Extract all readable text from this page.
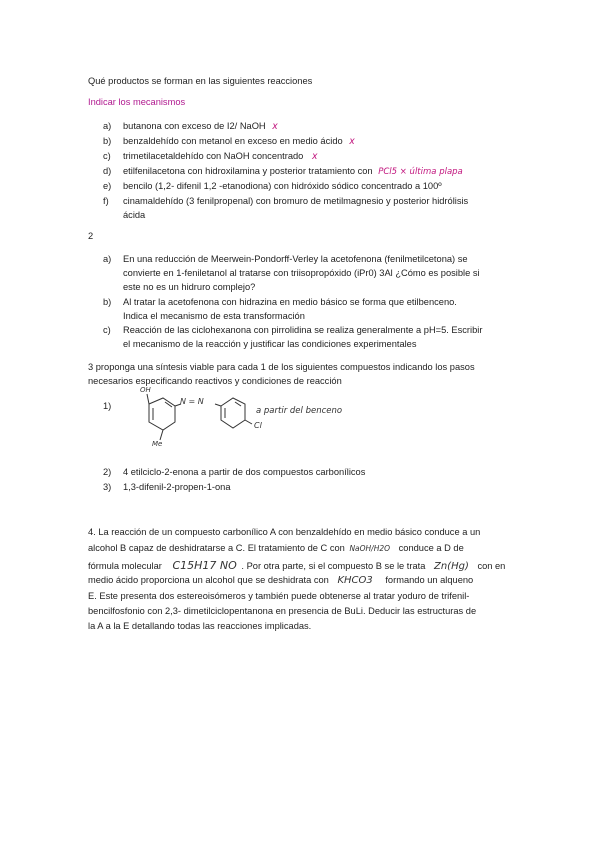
Qué productos se forman en las siguientes reacciones
Indicar los mecanismos
a)	butanona con exceso de I2/ NaOH x
b)	benzaldehído con metanol en exceso en medio ácido x
c)	trimetilacetaldehído con NaOH concentrado x
d)	etilfenilacetona con hidroxilamina y posterior tratamiento con PCl5 × última plapa
e)	bencilo (1,2- difenil 1,2 -etanodiona) con hidróxido sódico concentrado a 100º
f)	cinamaldehído (3 fenilpropenal) con bromuro de metilmagnesio y posterior hidrólisis
ácida
2
a)	En una reducción de Meerwein-Pondorff-Verley la acetofenona (fenilmetilcetona) se
convierte en 1-feniletanol al tratarse con triisopropóxido (iPr0) 3Al ¿Cómo es posible si
este no es un hidruro complejo?
b)	Al tratar la acetofenona con hidrazina en medio básico se forma que etilbenceno.
Indica el mecanismo de esta transformación
c)	Reacción de las ciclohexanona con pirrolidina se realiza generalmente a pH=5. Escribir
el mecanismo de la reacción y justificar las condiciones experimentales
3 proponga una síntesis viable para cada 1 de los siguientes compuestos indicando los pasos
necesarios especificando reactivos y condiciones de reacción
1)
OH
N = N
Cl
Me
a partir del benceno
2)	4 etilciclo-2-enona a partir de dos compuestos carbonílicos
3)	1,3-difenil-2-propen-1-ona
4. La reacción de un compuesto carbonílico A con benzaldehído en medio básico conduce a un
alcohol B capaz de deshidratarse a C. El tratamiento de C con NaOH/H2O conduce a D de
fórmula molecular C15H17 NO . Por otra parte, si el compuesto B se le trata Zn(Hg) con en
medio ácido proporciona un alcohol que se deshidrata con KHCO3 formando un alqueno
E. Este presenta dos estereoisómeros y también puede obtenerse al tratar yoduro de trifenil-
bencilfosfonio con 2,3- dimetilciclopentanona en presencia de BuLi. Deducir las estructuras de
la A a la E detallando todas las reacciones implicadas.
